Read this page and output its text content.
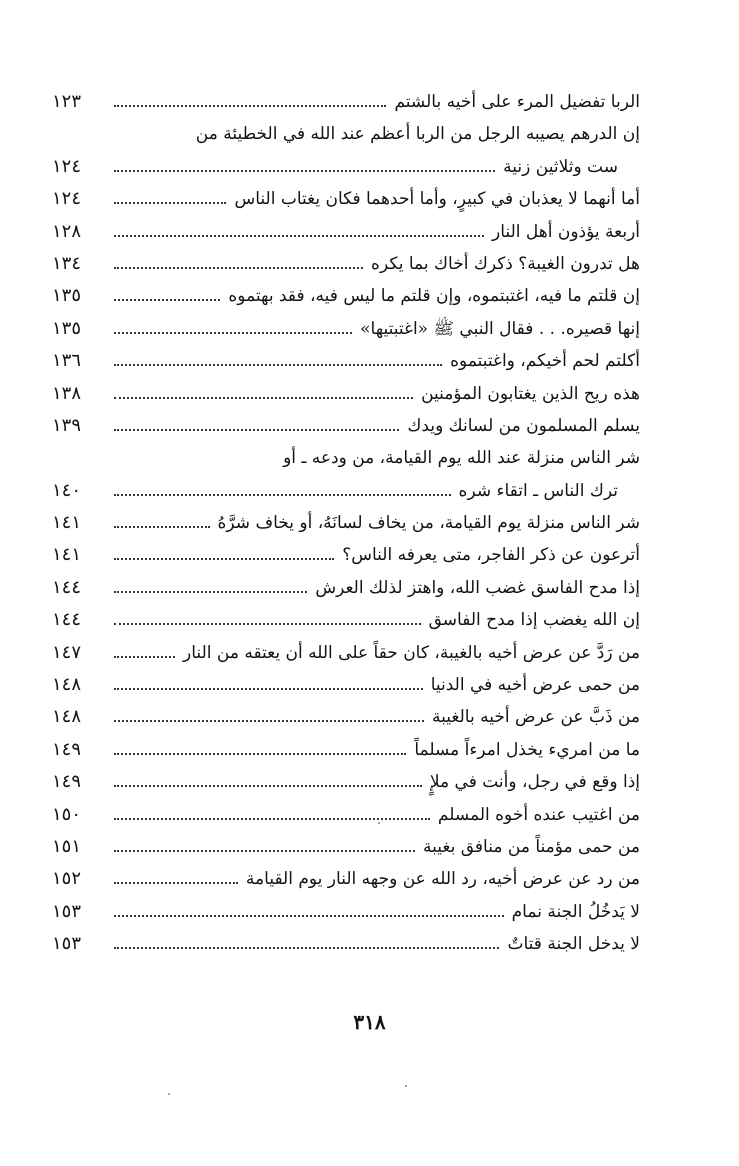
الربا تفضيل المرء على أخيه بالشتم
١٢٣
إن الدرهم يصيبه الرجل من الربا أعظم عند الله في الخطيئة من
ست وثلاثين زنية
١٢٤
أما أنهما لا يعذبان في كبيرٍ، وأما أحدهما فكان يغتاب الناس
١٢٤
أربعة يؤذون أهل النار
١٢٨
هل تدرون الغيبة؟ ذكرك أخاك بما يكره
١٣٤
إن قلتم ما فيه، اغتبتموه، وإن قلتم ما ليس فيه، فقد بهتموه
١٣٥
إنها قصيره. . . فقال النبي ﷺ «اغتبتيها»
١٣٥
أكلتم لحم أخيكم، واغتبتموه
١٣٦
هذه ريح الذين يغتابون المؤمنين
١٣٨
يسلم المسلمون من لسانك ويدك
١٣٩
شر الناس منزلة عند الله يوم القيامة، من ودعه ـ أو
ترك الناس ـ اتقاء شره
١٤٠
شر الناس منزلة يوم القيامة، من يخاف لسانَهُ، أو يخاف شرَّهُ
١٤١
أترعون عن ذكر الفاجر، متى يعرفه الناس؟
١٤١
إذا مدح الفاسق غضب الله، واهتز لذلك العرش
١٤٤
إن الله يغضب إذا مدح الفاسق
١٤٤
من رَدَّ عن عرض أخيه بالغيبة، كان حقاً على الله أن يعتقه من النار
١٤٧
من حمى عرض أخيه في الدنيا
١٤٨
من ذَبَّ عن عرض أخيه بالغيبة
١٤٨
ما من امريء يخذل امرءاً مسلماً
١٤٩
إذا وقع في رجل، وأنت في ملإٍ
١٤٩
من اغتيب عنده أخوه المسلم
١٥٠
من حمى مؤمناً من منافق بغيبة
١٥١
من رد عن عرض أخيه، رد الله عن وجهه النار يوم القيامة
١٥٢
لا يَدخُلُ الجنة نمام
١٥٣
لا يدخل الجنة قتاتٌ
١٥٣
٣١٨
